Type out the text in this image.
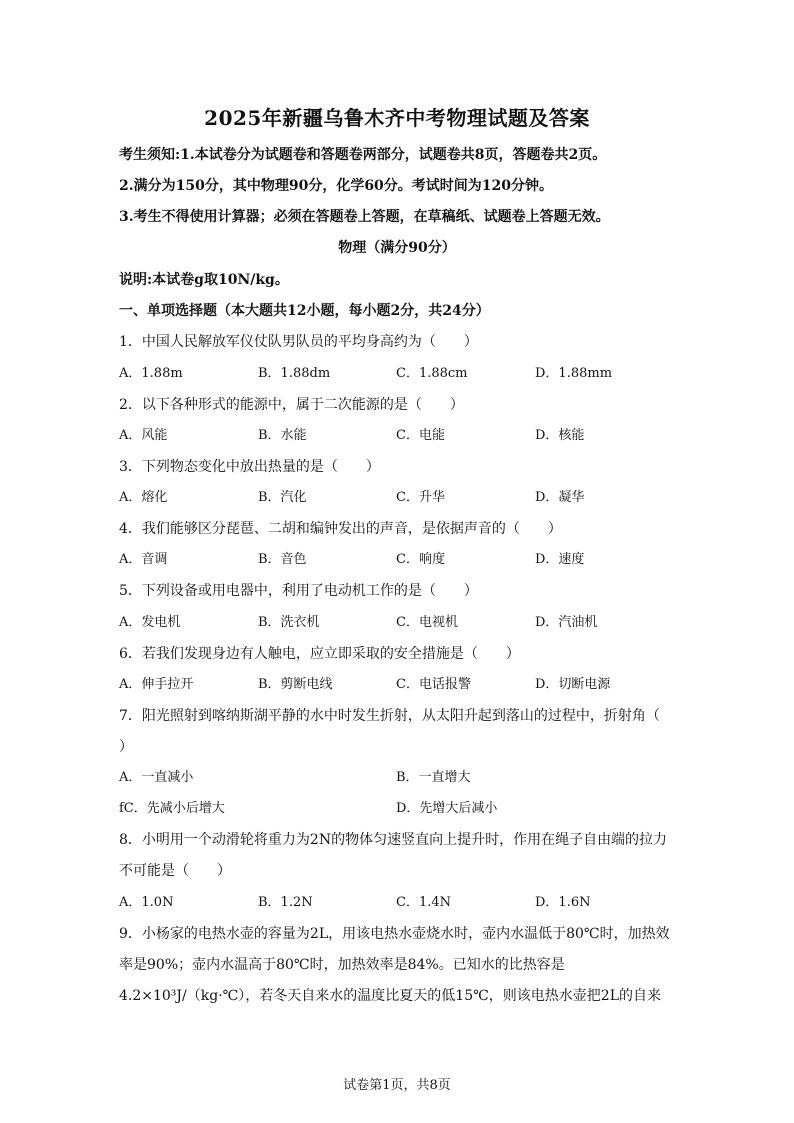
2025年新疆乌鲁木齐中考物理试题及答案
考生须知:1.本试卷分为试题卷和答题卷两部分，试题卷共8页，答题卷共2页。
2.满分为150分，其中物理90分，化学60分。考试时间为120分钟。
3.考生不得使用计算器；必须在答题卷上答题，在草稿纸、试题卷上答题无效。
物理（满分90分）
说明:本试卷g取10N/kg。
一、单项选择题（本大题共12小题，每小题2分，共24分）
1．中国人民解放军仪仗队男队员的平均身高约为（　　）
A．1.88m	B．1.88dm	C．1.88cm	D．1.88mm
2．以下各种形式的能源中，属于二次能源的是（　　）
A．风能	B．水能	C．电能	D．核能
3．下列物态变化中放出热量的是（　　）
A．熔化	B．汽化	C．升华	D．凝华
4．我们能够区分琵琶、二胡和编钟发出的声音，是依据声音的（　　）
A．音调	B．音色	C．响度	D．速度
5．下列设备或用电器中，利用了电动机工作的是（　　）
A．发电机	B．洗衣机	C．电视机	D．汽油机
6．若我们发现身边有人触电，应立即采取的安全措施是（　　）
A．伸手拉开	B．剪断电线	C．电话报警	D．切断电源
7．阳光照射到喀纳斯湖平静的水中时发生折射，从太阳升起到落山的过程中，折射角（
）
A．一直减小	B．一直增大
fC．先减小后增大	D．先增大后减小
8．小明用一个动滑轮将重力为2N的物体匀速竖直向上提升时，作用在绳子自由端的拉力
不可能是（　　）
A．1.0N	B．1.2N	C．1.4N	D．1.6N
9．小杨家的电热水壶的容量为2L，用该电热水壶烧水时，壶内水温低于80℃时，加热效
率是90%；壶内水温高于80℃时，加热效率是84%。已知水的比热容是
4.2×10³J/（kg·℃），若冬天自来水的温度比夏天的低15℃，则该电热水壶把2L的自来
试卷第1页，共8页
